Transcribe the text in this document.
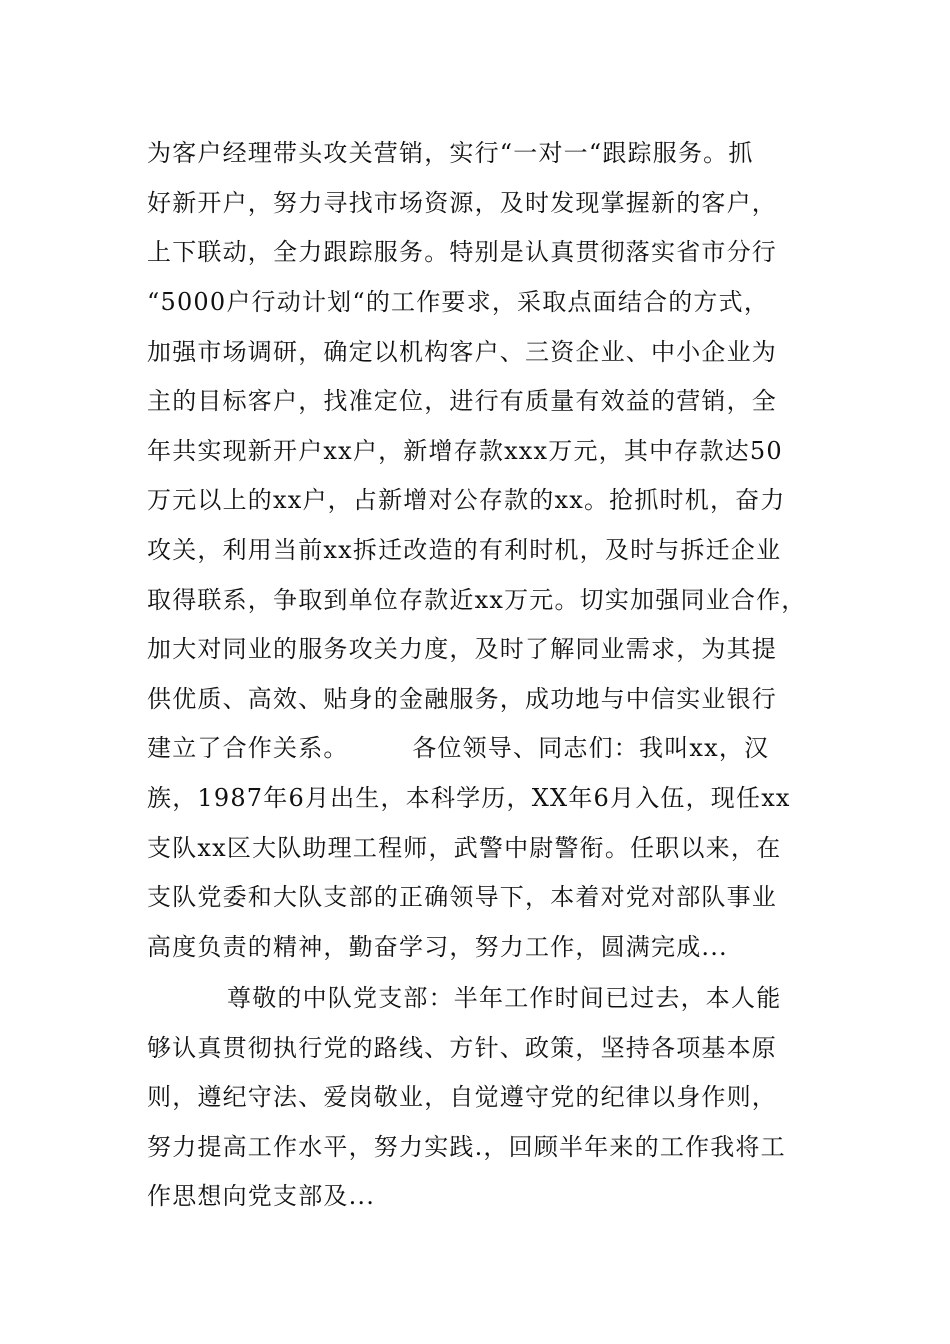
为客户经理带头攻关营销，实行“一对一“跟踪服务。抓
好新开户，努力寻找市场资源，及时发现掌握新的客户，
上下联动，全力跟踪服务。特别是认真贯彻落实省市分行
“5000户行动计划“的工作要求，采取点面结合的方式，
加强市场调研，确定以机构客户、三资企业、中小企业为
主的目标客户，找准定位，进行有质量有效益的营销，全
年共实现新开户xx户，新增存款xxx万元，其中存款达50
万元以上的xx户，占新增对公存款的xx。抢抓时机，奋力
攻关，利用当前xx拆迁改造的有利时机，及时与拆迁企业
取得联系，争取到单位存款近xx万元。切实加强同业合作，
加大对同业的服务攻关力度，及时了解同业需求，为其提
供优质、高效、贴身的金融服务，成功地与中信实业银行
建立了合作关系。　　　各位领导、同志们：我叫xx，汉
族，1987年6月出生，本科学历，XX年6月入伍，现任xx
支队xx区大队助理工程师，武警中尉警衔。任职以来，在
支队党委和大队支部的正确领导下，本着对党对部队事业
高度负责的精神，勤奋学习，努力工作，圆满完成...
尊敬的中队党支部：半年工作时间已过去，本人能
够认真贯彻执行党的路线、方针、政策，坚持各项基本原
则，遵纪守法、爱岗敬业，自觉遵守党的纪律以身作则，
努力提高工作水平，努力实践.，回顾半年来的工作我将工
作思想向党支部及...
